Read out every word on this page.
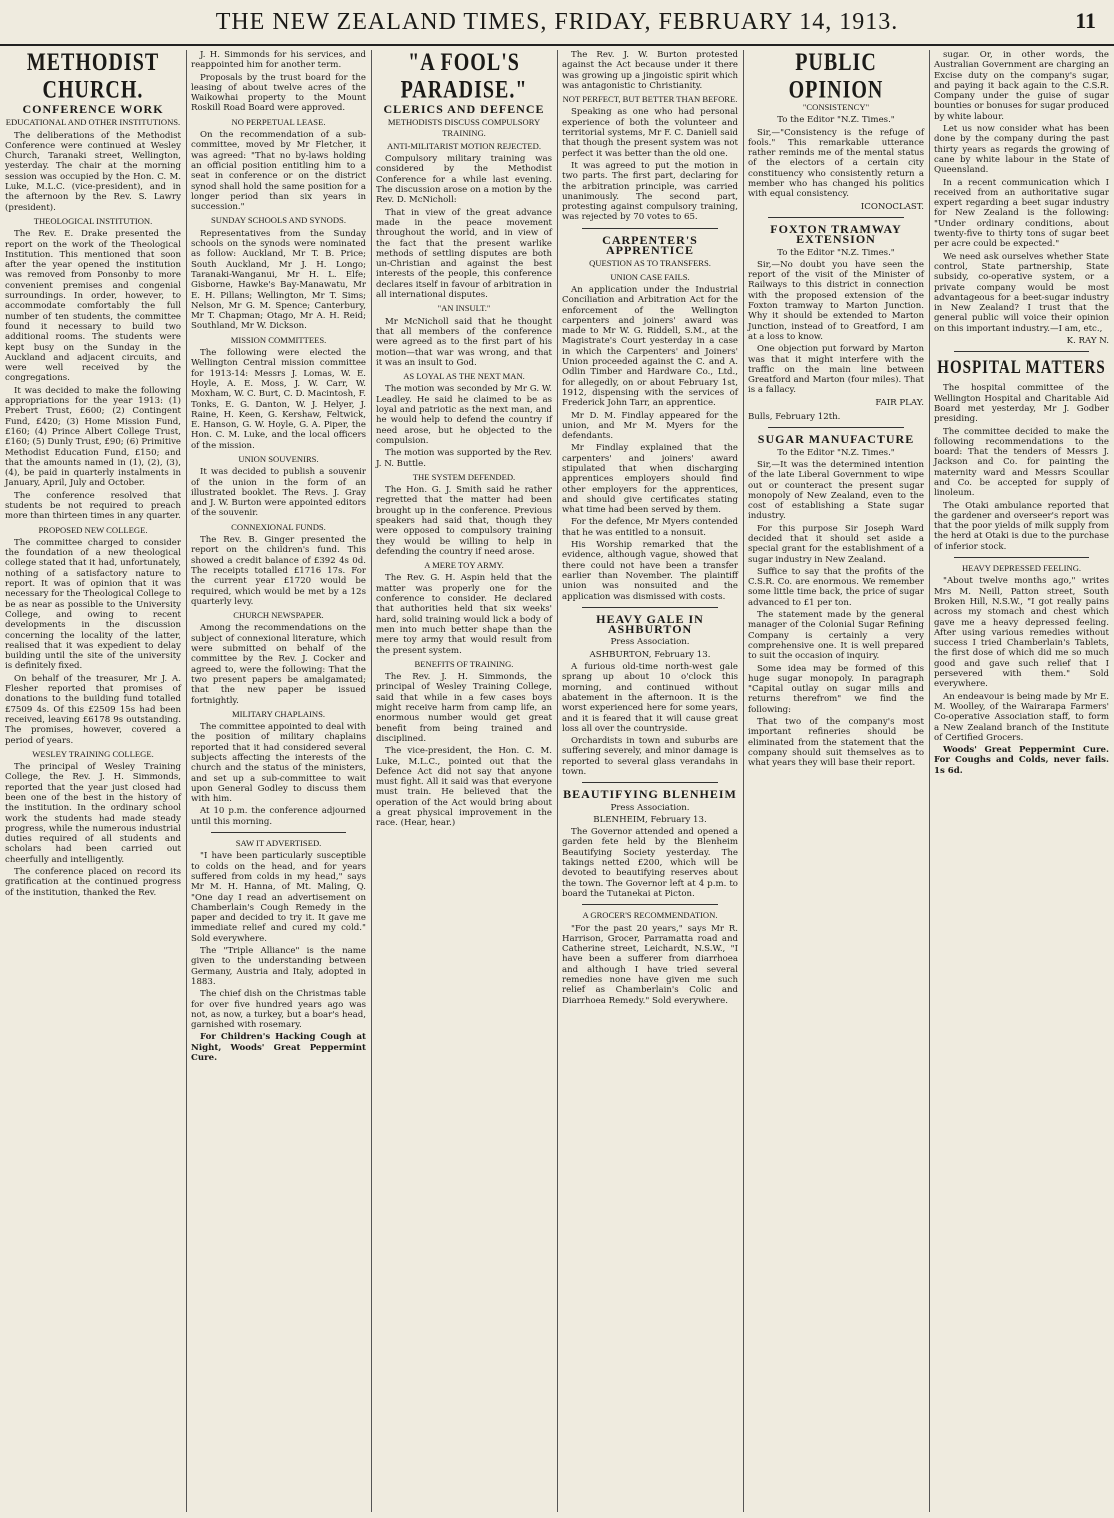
THE NEW ZEALAND TIMES, FRIDAY, FEBRUARY 14, 1913.	11
METHODIST CHURCH.
CONFERENCE WORK
EDUCATIONAL AND OTHER INSTITUTIONS.

The deliberations of the Methodist Conference were continued at Wesley Church, Taranaki street, Wellington, yesterday. The chair at the morning session was occupied by the Hon. C. M. Luke, M.L.C. (vice-president), and in the afternoon by the Rev. S. Lawry (president).

THEOLOGICAL INSTITUTION.

The Rev. E. Drake presented the report on the work of the Theological Institution. This mentioned that soon after the year opened the institution was removed from Ponsonby to more convenient premises and congenial surroundings. In order, however, to accommodate comfortably the full number of ten students, the committee found it necessary to build two additional rooms. The students were kept busy on the Sunday in the Auckland and adjacent circuits, and were well received by the congregations.

It was decided to make the following appropriations for the year 1913: (1) Prebert Trust, £600; (2) Contingent Fund, £420; (3) Home Mission Fund, £160; (4) Prince Albert College Trust, £160; (5) Dunly Trust, £90; (6) Primitive Methodist Education Fund, £150; and that the amounts named in (1), (2), (3), (4), be paid in quarterly instalments in January, April, July and October.

The conference resolved that students be not required to preach more than thirteen times in any quarter.

PROPOSED NEW COLLEGE.

The committee charged to consider the foundation of a new theological college stated that it had, unfortunately, nothing of a satisfactory nature to report. It was of opinion that it was necessary for the Theological College to be as near as possible to the University College, and owing to recent developments in the discussion concerning the locality of the latter, realised that it was expedient to delay building until the site of the university is definitely fixed.

On behalf of the treasurer, Mr J. A. Flesher reported that promises of donations to the building fund totalled £7509 4s. Of this £2509 15s had been received, leaving £6178 9s outstanding. The promises, however, covered a period of years.

WESLEY TRAINING COLLEGE.

The principal of Wesley Training College, the Rev. J. H. Simmonds, reported that the year just closed had been one of the best in the history of the institution. In the ordinary school work the students had made steady progress, while the numerous industrial duties required of all students and scholars had been carried out cheerfully and intelligently.

The conference placed on record its gratification at the continued progress of the institution, thanked the Rev.

J. H. Simmonds for his services, and reappointed him for another term.

Proposals by the trust board for the leasing of about twelve acres of the Waikowhai property to the Mount Roskill Road Board were approved.

NO PERPETUAL LEASE.

On the recommendation of a sub-committee, moved by Mr Fletcher, it was agreed: "That no by-laws holding an official position entitling him to a seat in conference or on the district synod shall hold the same position for a longer period than six years in succession."

SUNDAY SCHOOLS AND SYNODS.

Representatives from the Sunday schools on the synods were nominated as follow: Auckland, Mr T. B. Price; South Auckland, Mr J. H. Longo; Taranaki-Wanganui, Mr H. L. Elfe; Gisborne, Hawke's Bay-Manawatu, Mr E. H. Pillans; Wellington, Mr T. Sims; Nelson, Mr G. M. Spence; Canterbury, Mr T. Chapman; Otago, Mr A. H. Reid; Southland, Mr W. Dickson.

MISSION COMMITTEES.

The following were elected the Wellington Central mission committee for 1913-14: Messrs J. Lomas, W. E. Hoyle, A. E. Moss, J. W. Carr, W. Moxham, W. C. Burt, C. D. Macintosh, F. Tonks, E. G. Danton, W. J. Helyer, J. Raine, H. Keen, G. Kershaw, Feltwick, E. Hanson, G. W. Hoyle, G. A. Piper, the Hon. C. M. Luke, and the local officers of the mission.

UNION SOUVENIRS.

It was decided to publish a souvenir of the union in the form of an illustrated booklet. The Revs. J. Gray and J. W. Burton were appointed editors of the souvenir.

CONNEXIONAL FUNDS.

The Rev. B. Ginger presented the report on the children's fund. This showed a credit balance of £392 4s 0d. The receipts totalled £1716 17s. For the current year £1720 would be required, which would be met by a 12s quarterly levy.

CHURCH NEWSPAPER.

Among the recommendations on the subject of connexional literature, which were submitted on behalf of the committee by the Rev. J. Cocker and agreed to, were the following: That the two present papers be amalgamated; that the new paper be issued fortnightly.

MILITARY CHAPLAINS.

The committee appointed to deal with the position of military chaplains reported that it had considered several subjects affecting the interests of the church and the status of the ministers, and set up a sub-committee to wait upon General Godley to discuss them with him.

At 10 p.m. the conference adjourned until this morning.

SAW IT ADVERTISED.

"I have been particularly susceptible to colds on the head, and for years suffered from colds in my head," says Mr M. H. Hanna, of Mt. Maling, Q. "One day I read an advertisement on Chamberlain's Cough Remedy in the paper and decided to try it. It gave me immediate relief and cured my cold." Sold everywhere.

The "Triple Alliance" is the name given to the understanding between Germany, Austria and Italy, adopted in 1883.

The chief dish on the Christmas table for over five hundred years ago was not, as now, a turkey, but a boar's head, garnished with rosemary.

For Children's Hacking Cough at Night, Woods' Great Peppermint Cure.

"A FOOL'S PARADISE."
CLERICS AND DEFENCE
METHODISTS DISCUSS COMPULSORY TRAINING.
ANTI-MILITARIST MOTION REJECTED.

Compulsory military training was considered by the Methodist Conference for a while last evening. The discussion arose on a motion by the Rev. D. McNicholl:

That in view of the great advance made in the peace movement throughout the world, and in view of the fact that the present warlike methods of settling disputes are both un-Christian and against the best interests of the people, this conference declares itself in favour of arbitration in all international disputes.

"AN INSULT."

Mr McNicholl said that he thought that all members of the conference were agreed as to the first part of his motion—that war was wrong, and that it was an insult to God.

AS LOYAL AS THE NEXT MAN.

The motion was seconded by Mr G. W. Leadley. He said he claimed to be as loyal and patriotic as the next man, and he would help to defend the country if need arose, but he objected to the compulsion.

The motion was supported by the Rev. J. N. Buttle.

THE SYSTEM DEFENDED.

The Hon. G. J. Smith said he rather regretted that the matter had been brought up in the conference. Previous speakers had said that, though they were opposed to compulsory training they would be willing to help in defending the country if need arose.

A MERE TOY ARMY.

The Rev. G. H. Aspin held that the matter was properly one for the conference to consider. He declared that authorities held that six weeks' hard, solid training would lick a body of men into much better shape than the mere toy army that would result from the present system.

BENEFITS OF TRAINING.

The Rev. J. H. Simmonds, the principal of Wesley Training College, said that while in a few cases boys might receive harm from camp life, an enormous number would get great benefit from being trained and disciplined.

The vice-president, the Hon. C. M. Luke, M.L.C., pointed out that the Defence Act did not say that anyone must fight. All it said was that everyone must train. He believed that the operation of the Act would bring about a great physical improvement in the race. (Hear, hear.)

The Rev. J. W. Burton protested against the Act because under it there was growing up a jingoistic spirit which was antagonistic to Christianity.

NOT PERFECT, BUT BETTER THAN BEFORE.

Speaking as one who had personal experience of both the volunteer and territorial systems, Mr F. C. Daniell said that though the present system was not perfect it was better than the old one.

It was agreed to put the motion in two parts. The first part, declaring for the arbitration principle, was carried unanimously. The second part, protesting against compulsory training, was rejected by 70 votes to 65.

CARPENTER'S APPRENTICE
QUESTION AS TO TRANSFERS.
UNION CASE FAILS.

An application under the Industrial Conciliation and Arbitration Act for the enforcement of the Wellington carpenters and joiners' award was made to Mr W. G. Riddell, S.M., at the Magistrate's Court yesterday in a case in which the Carpenters' and Joiners' Union proceeded against the C. and A. Odlin Timber and Hardware Co., Ltd., for allegedly, on or about February 1st, 1912, dispensing with the services of Frederick John Tarr, an apprentice.

Mr D. M. Findlay appeared for the union, and Mr M. Myers for the defendants.

Mr Findlay explained that the carpenters' and joiners' award stipulated that when discharging apprentices employers should find other employers for the apprentices, and should give certificates stating what time had been served by them.

For the defence, Mr Myers contended that he was entitled to a nonsuit.

His Worship remarked that the evidence, although vague, showed that there could not have been a transfer earlier than November. The plaintiff union was nonsuited and the application was dismissed with costs.

HEAVY GALE IN ASHBURTON
Press Association.
ASHBURTON, February 13.

A furious old-time north-west gale sprang up about 10 o'clock this morning, and continued without abatement in the afternoon. It is the worst experienced here for some years, and it is feared that it will cause great loss all over the countryside.

Orchardists in town and suburbs are suffering severely, and minor damage is reported to several glass verandahs in town.

BEAUTIFYING BLENHEIM
Press Association.
BLENHEIM, February 13.

The Governor attended and opened a garden fete held by the Blenheim Beautifying Society yesterday. The takings netted £200, which will be devoted to beautifying reserves about the town. The Governor left at 4 p.m. to board the Tutanekai at Picton.

A GROCER'S RECOMMENDATION.

"For the past 20 years," says Mr R. Harrison, Grocer, Parramatta road and Catherine street, Leichardt, N.S.W., "I have been a sufferer from diarrhoea and although I have tried several remedies none have given me such relief as Chamberlain's Colic and Diarrhoea Remedy." Sold everywhere.

PUBLIC OPINION
"CONSISTENCY"
To the Editor "N.Z. Times."

Sir,—"Consistency is the refuge of fools." This remarkable utterance rather reminds me of the mental status of the electors of a certain city constituency who consistently return a member who has changed his politics with equal consistency.

ICONOCLAST.
FOXTON TRAMWAY EXTENSION
To the Editor "N.Z. Times."

Sir,—No doubt you have seen the report of the visit of the Minister of Railways to this district in connection with the proposed extension of the Foxton tramway to Marton Junction. Why it should be extended to Marton Junction, instead of to Greatford, I am at a loss to know.

One objection put forward by Marton was that it might interfere with the traffic on the main line between Greatford and Marton (four miles). That is a fallacy.

FAIR PLAY.
Bulls, February 12th.
SUGAR MANUFACTURE
To the Editor "N.Z. Times."

Sir,—It was the determined intention of the late Liberal Government to wipe out or counteract the present sugar monopoly of New Zealand, even to the cost of establishing a State sugar industry.

For this purpose Sir Joseph Ward decided that it should set aside a special grant for the establishment of a sugar industry in New Zealand.

Suffice to say that the profits of the C.S.R. Co. are enormous. We remember some little time back, the price of sugar advanced to £1 per ton.

The statement made by the general manager of the Colonial Sugar Refining Company is certainly a very comprehensive one. It is well prepared to suit the occasion of inquiry.

Some idea may be formed of this huge sugar monopoly. In paragraph "Capital outlay on sugar mills and returns therefrom" we find the following:

That two of the company's most important refineries should be eliminated from the statement that the company should suit themselves as to what years they will base their report.

sugar. Or, in other words, the Australian Government are charging an Excise duty on the company's sugar, and paying it back again to the C.S.R. Company under the guise of sugar bounties or bonuses for sugar produced by white labour.

Let us now consider what has been done by the company during the past thirty years as regards the growing of cane by white labour in the State of Queensland.

In a recent communication which I received from an authoritative sugar expert regarding a beet sugar industry for New Zealand is the following: "Under ordinary conditions, about twenty-five to thirty tons of sugar beet per acre could be expected."

We need ask ourselves whether State control, State partnership, State subsidy, co-operative system, or a private company would be most advantageous for a beet-sugar industry in New Zealand? I trust that the general public will voice their opinion on this important industry.—I am, etc.,

K. RAY N.
HOSPITAL MATTERS

The hospital committee of the Wellington Hospital and Charitable Aid Board met yesterday, Mr J. Godber presiding.

The committee decided to make the following recommendations to the board: That the tenders of Messrs J. Jackson and Co. for painting the maternity ward and Messrs Scoullar and Co. be accepted for supply of linoleum.

The Otaki ambulance reported that the gardener and overseer's report was that the poor yields of milk supply from the herd at Otaki is due to the purchase of inferior stock.

HEAVY DEPRESSED FEELING.

"About twelve months ago," writes Mrs M. Neill, Patton street, South Broken Hill, N.S.W., "I got really pains across my stomach and chest which gave me a heavy depressed feeling. After using various remedies without success I tried Chamberlain's Tablets, the first dose of which did me so much good and gave such relief that I persevered with them." Sold everywhere.

An endeavour is being made by Mr E. M. Woolley, of the Wairarapa Farmers' Co-operative Association staff, to form a New Zealand branch of the Institute of Certified Grocers.

Woods' Great Peppermint Cure. For Coughs and Colds, never fails. 1s 6d.
